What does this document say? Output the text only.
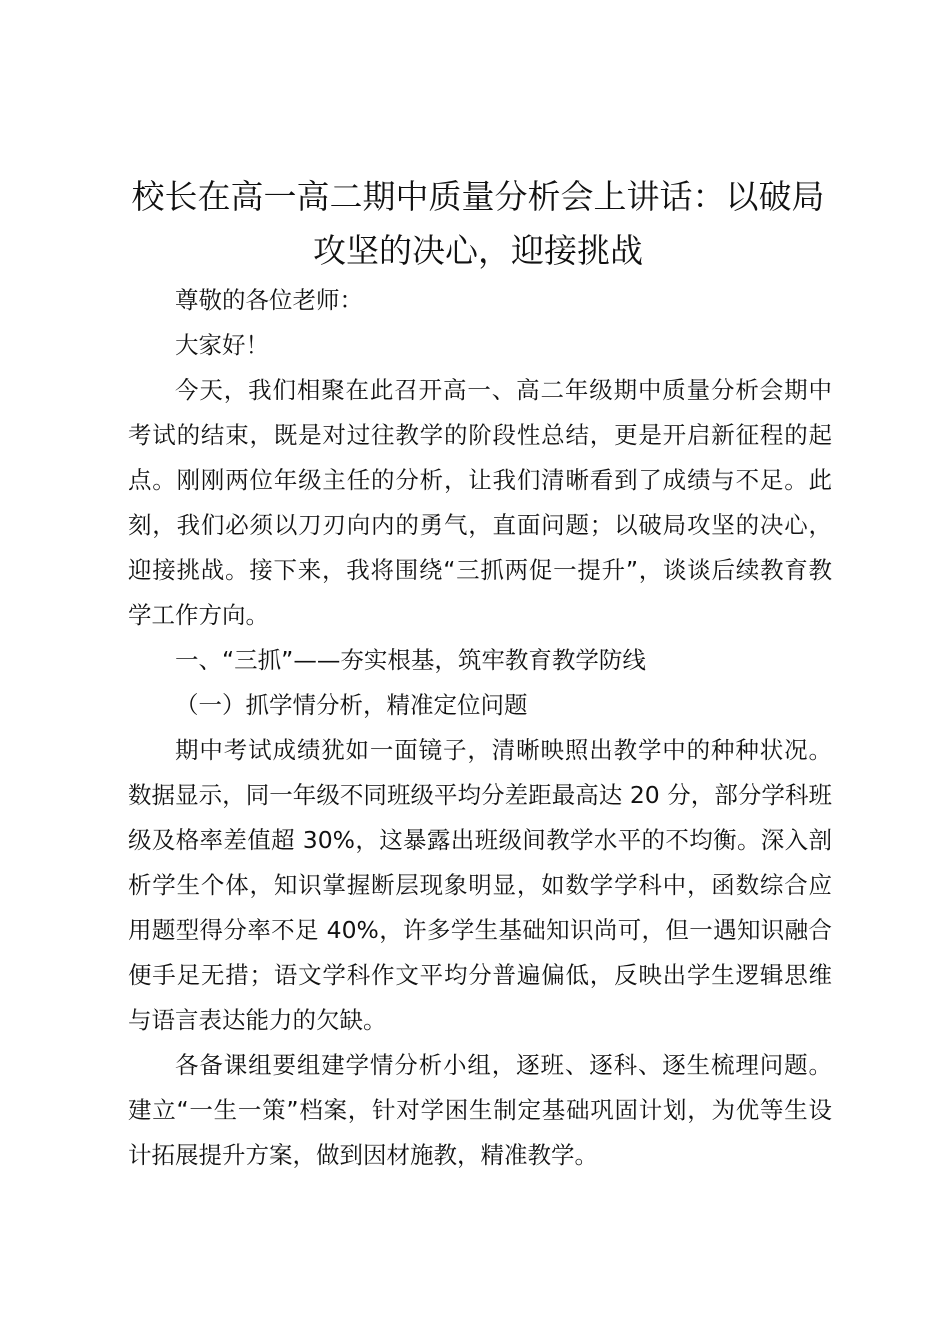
校长在高一高二期中质量分析会上讲话：以破局攻坚的决心，迎接挑战

尊敬的各位老师：

大家好！

今天，我们相聚在此召开高一、高二年级期中质量分析会期中考试的结束，既是对过往教学的阶段性总结，更是开启新征程的起点。刚刚两位年级主任的分析，让我们清晰看到了成绩与不足。此刻，我们必须以刀刃向内的勇气，直面问题；以破局攻坚的决心，迎接挑战。接下来，我将围绕“三抓两促一提升”，谈谈后续教育教学工作方向。

一、“三抓”——夯实根基，筑牢教育教学防线

（一）抓学情分析，精准定位问题

期中考试成绩犹如一面镜子，清晰映照出教学中的种种状况。数据显示，同一年级不同班级平均分差距最高达 20 分，部分学科班级及格率差值超 30%，这暴露出班级间教学水平的不均衡。深入剖析学生个体，知识掌握断层现象明显，如数学学科中，函数综合应用题型得分率不足 40%，许多学生基础知识尚可，但一遇知识融合便手足无措；语文学科作文平均分普遍偏低，反映出学生逻辑思维与语言表达能力的欠缺。

各备课组要组建学情分析小组，逐班、逐科、逐生梳理问题。建立“一生一策”档案，针对学困生制定基础巩固计划，为优等生设计拓展提升方案，做到因材施教，精准教学。
